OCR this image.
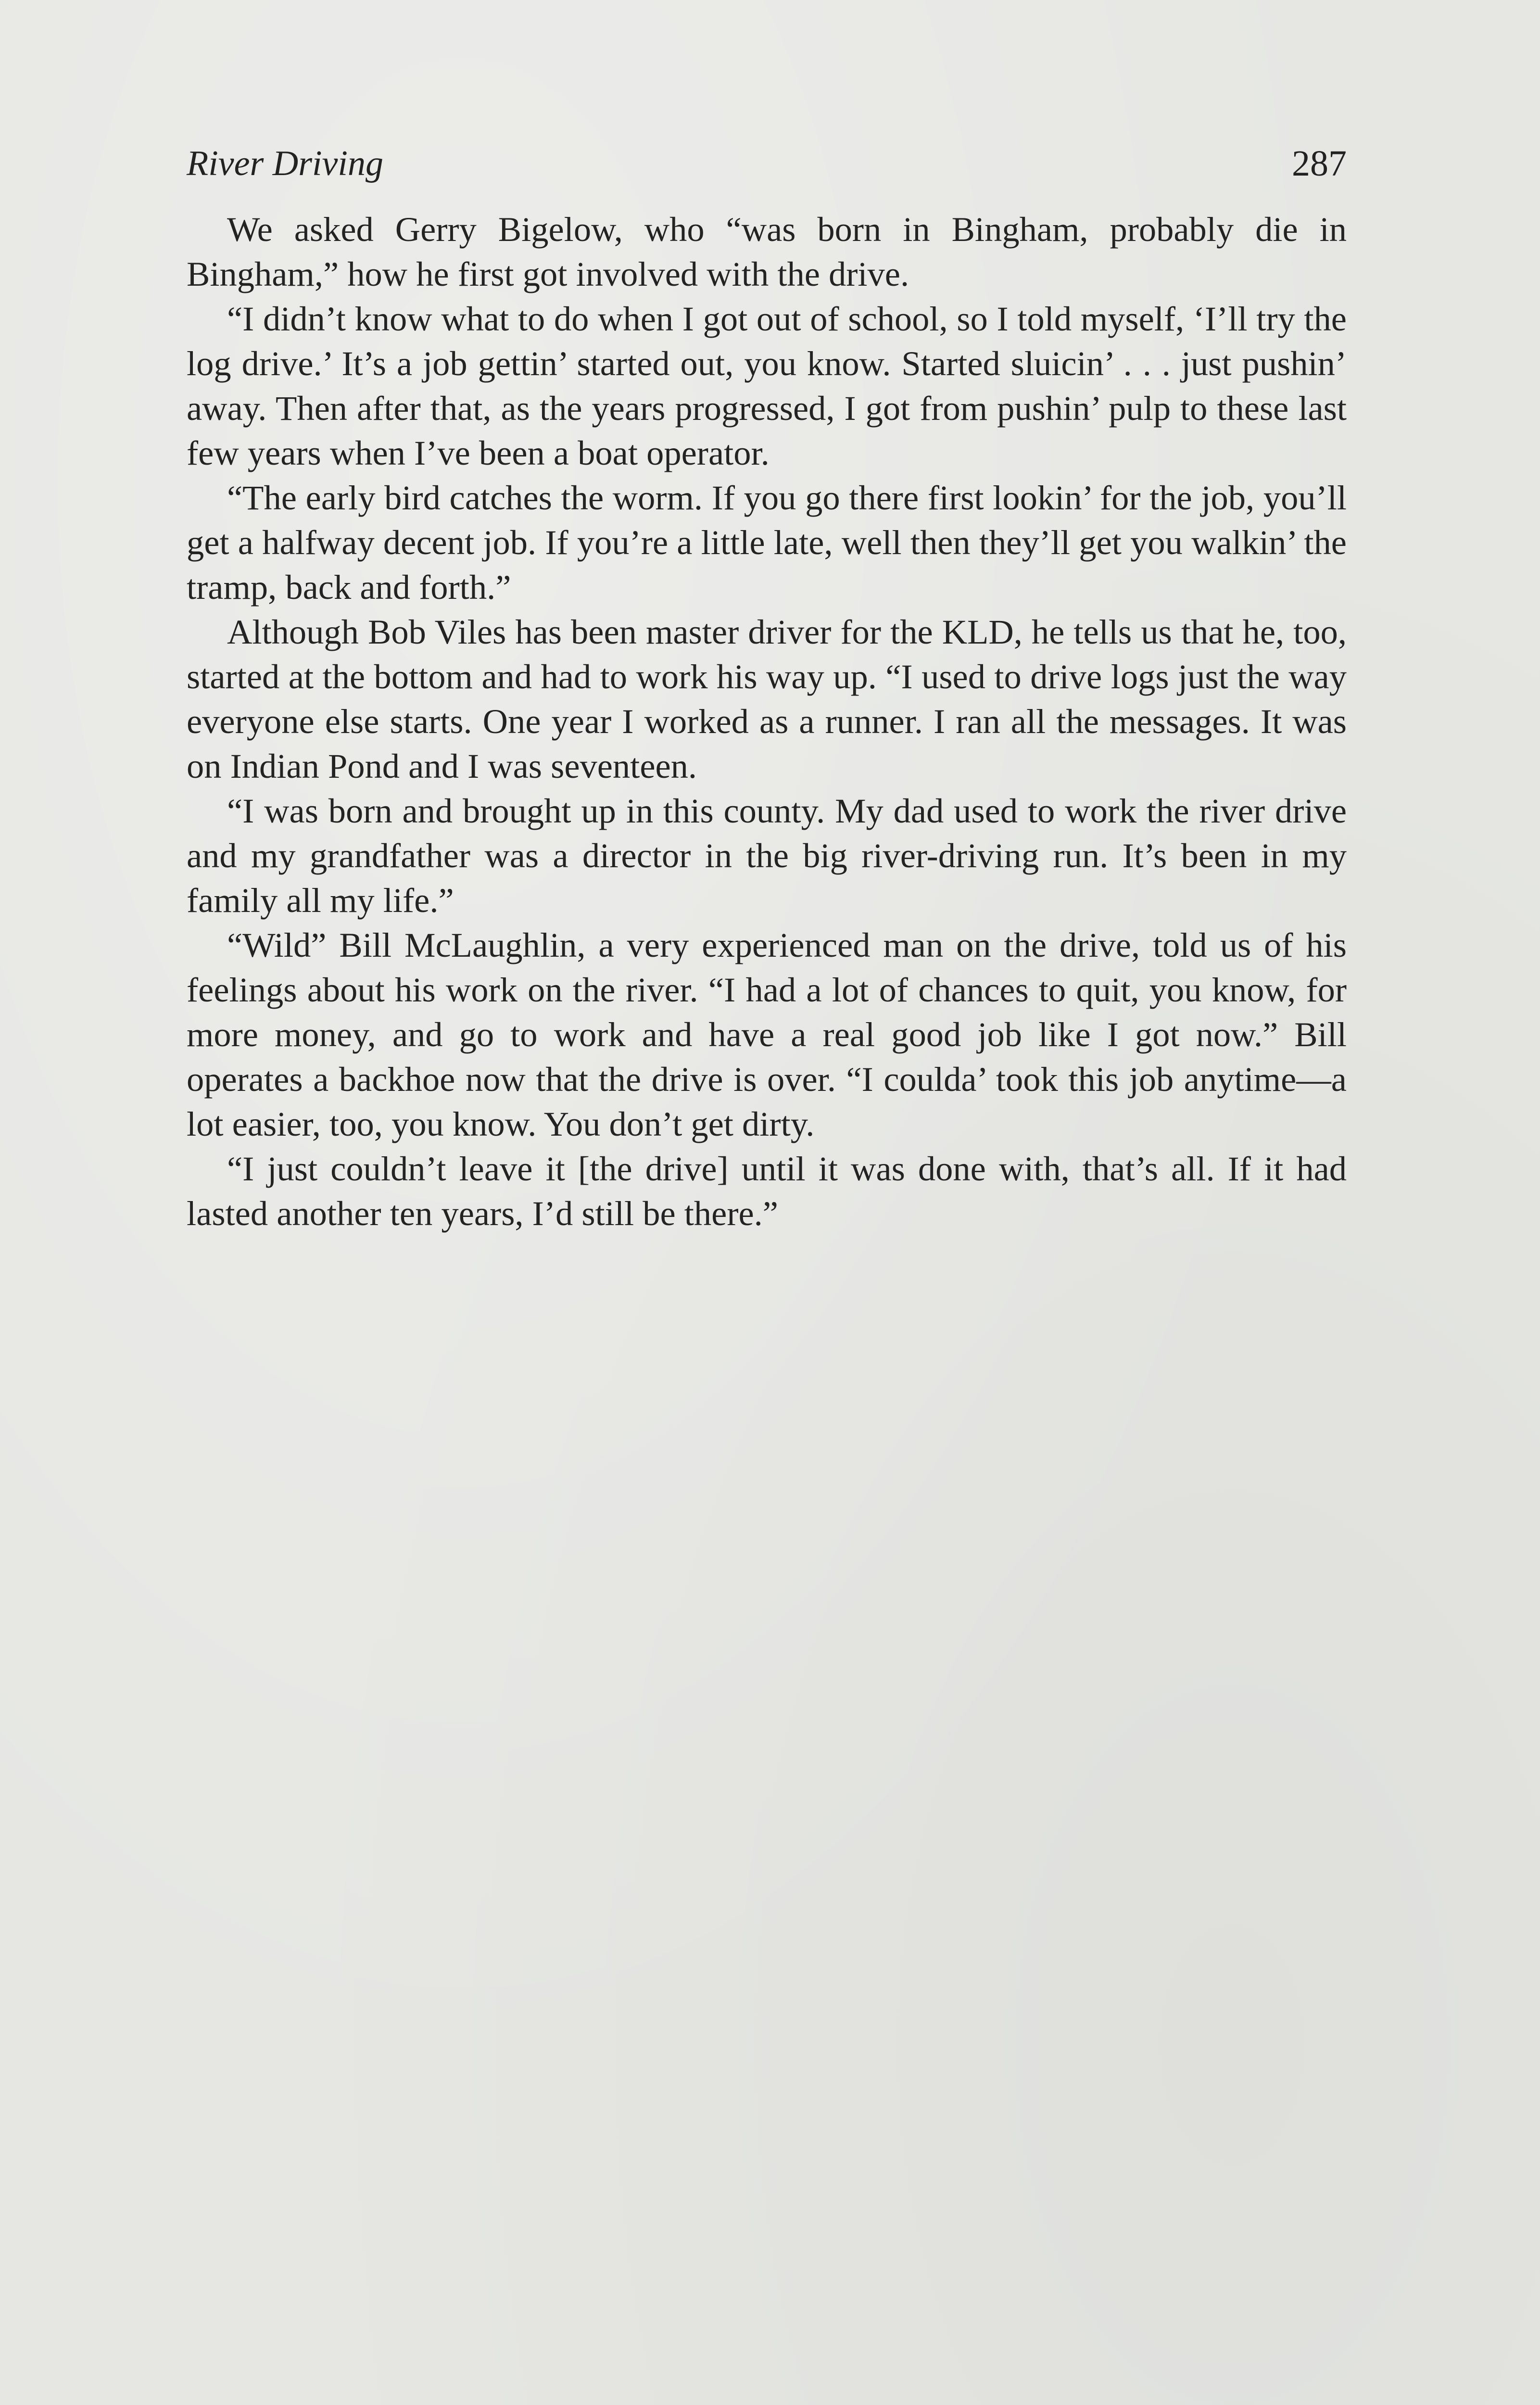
River Driving	287

We asked Gerry Bigelow, who “was born in Bingham, probably die in Bingham,” how he first got involved with the drive.

“I didn’t know what to do when I got out of school, so I told myself, ‘I’ll try the log drive.’ It’s a job gettin’ started out, you know. Started sluicin’ . . . just pushin’ away. Then after that, as the years progressed, I got from pushin’ pulp to these last few years when I’ve been a boat operator.

“The early bird catches the worm. If you go there first lookin’ for the job, you’ll get a halfway decent job. If you’re a little late, well then they’ll get you walkin’ the tramp, back and forth.”

Although Bob Viles has been master driver for the KLD, he tells us that he, too, started at the bottom and had to work his way up. “I used to drive logs just the way everyone else starts. One year I worked as a runner. I ran all the messages. It was on Indian Pond and I was seventeen.

“I was born and brought up in this county. My dad used to work the river drive and my grandfather was a director in the big river-driving run. It’s been in my family all my life.”

“Wild” Bill McLaughlin, a very experienced man on the drive, told us of his feelings about his work on the river. “I had a lot of chances to quit, you know, for more money, and go to work and have a real good job like I got now.” Bill operates a backhoe now that the drive is over. “I coulda’ took this job anytime—a lot easier, too, you know. You don’t get dirty.

“I just couldn’t leave it [the drive] until it was done with, that’s all. If it had lasted another ten years, I’d still be there.”
